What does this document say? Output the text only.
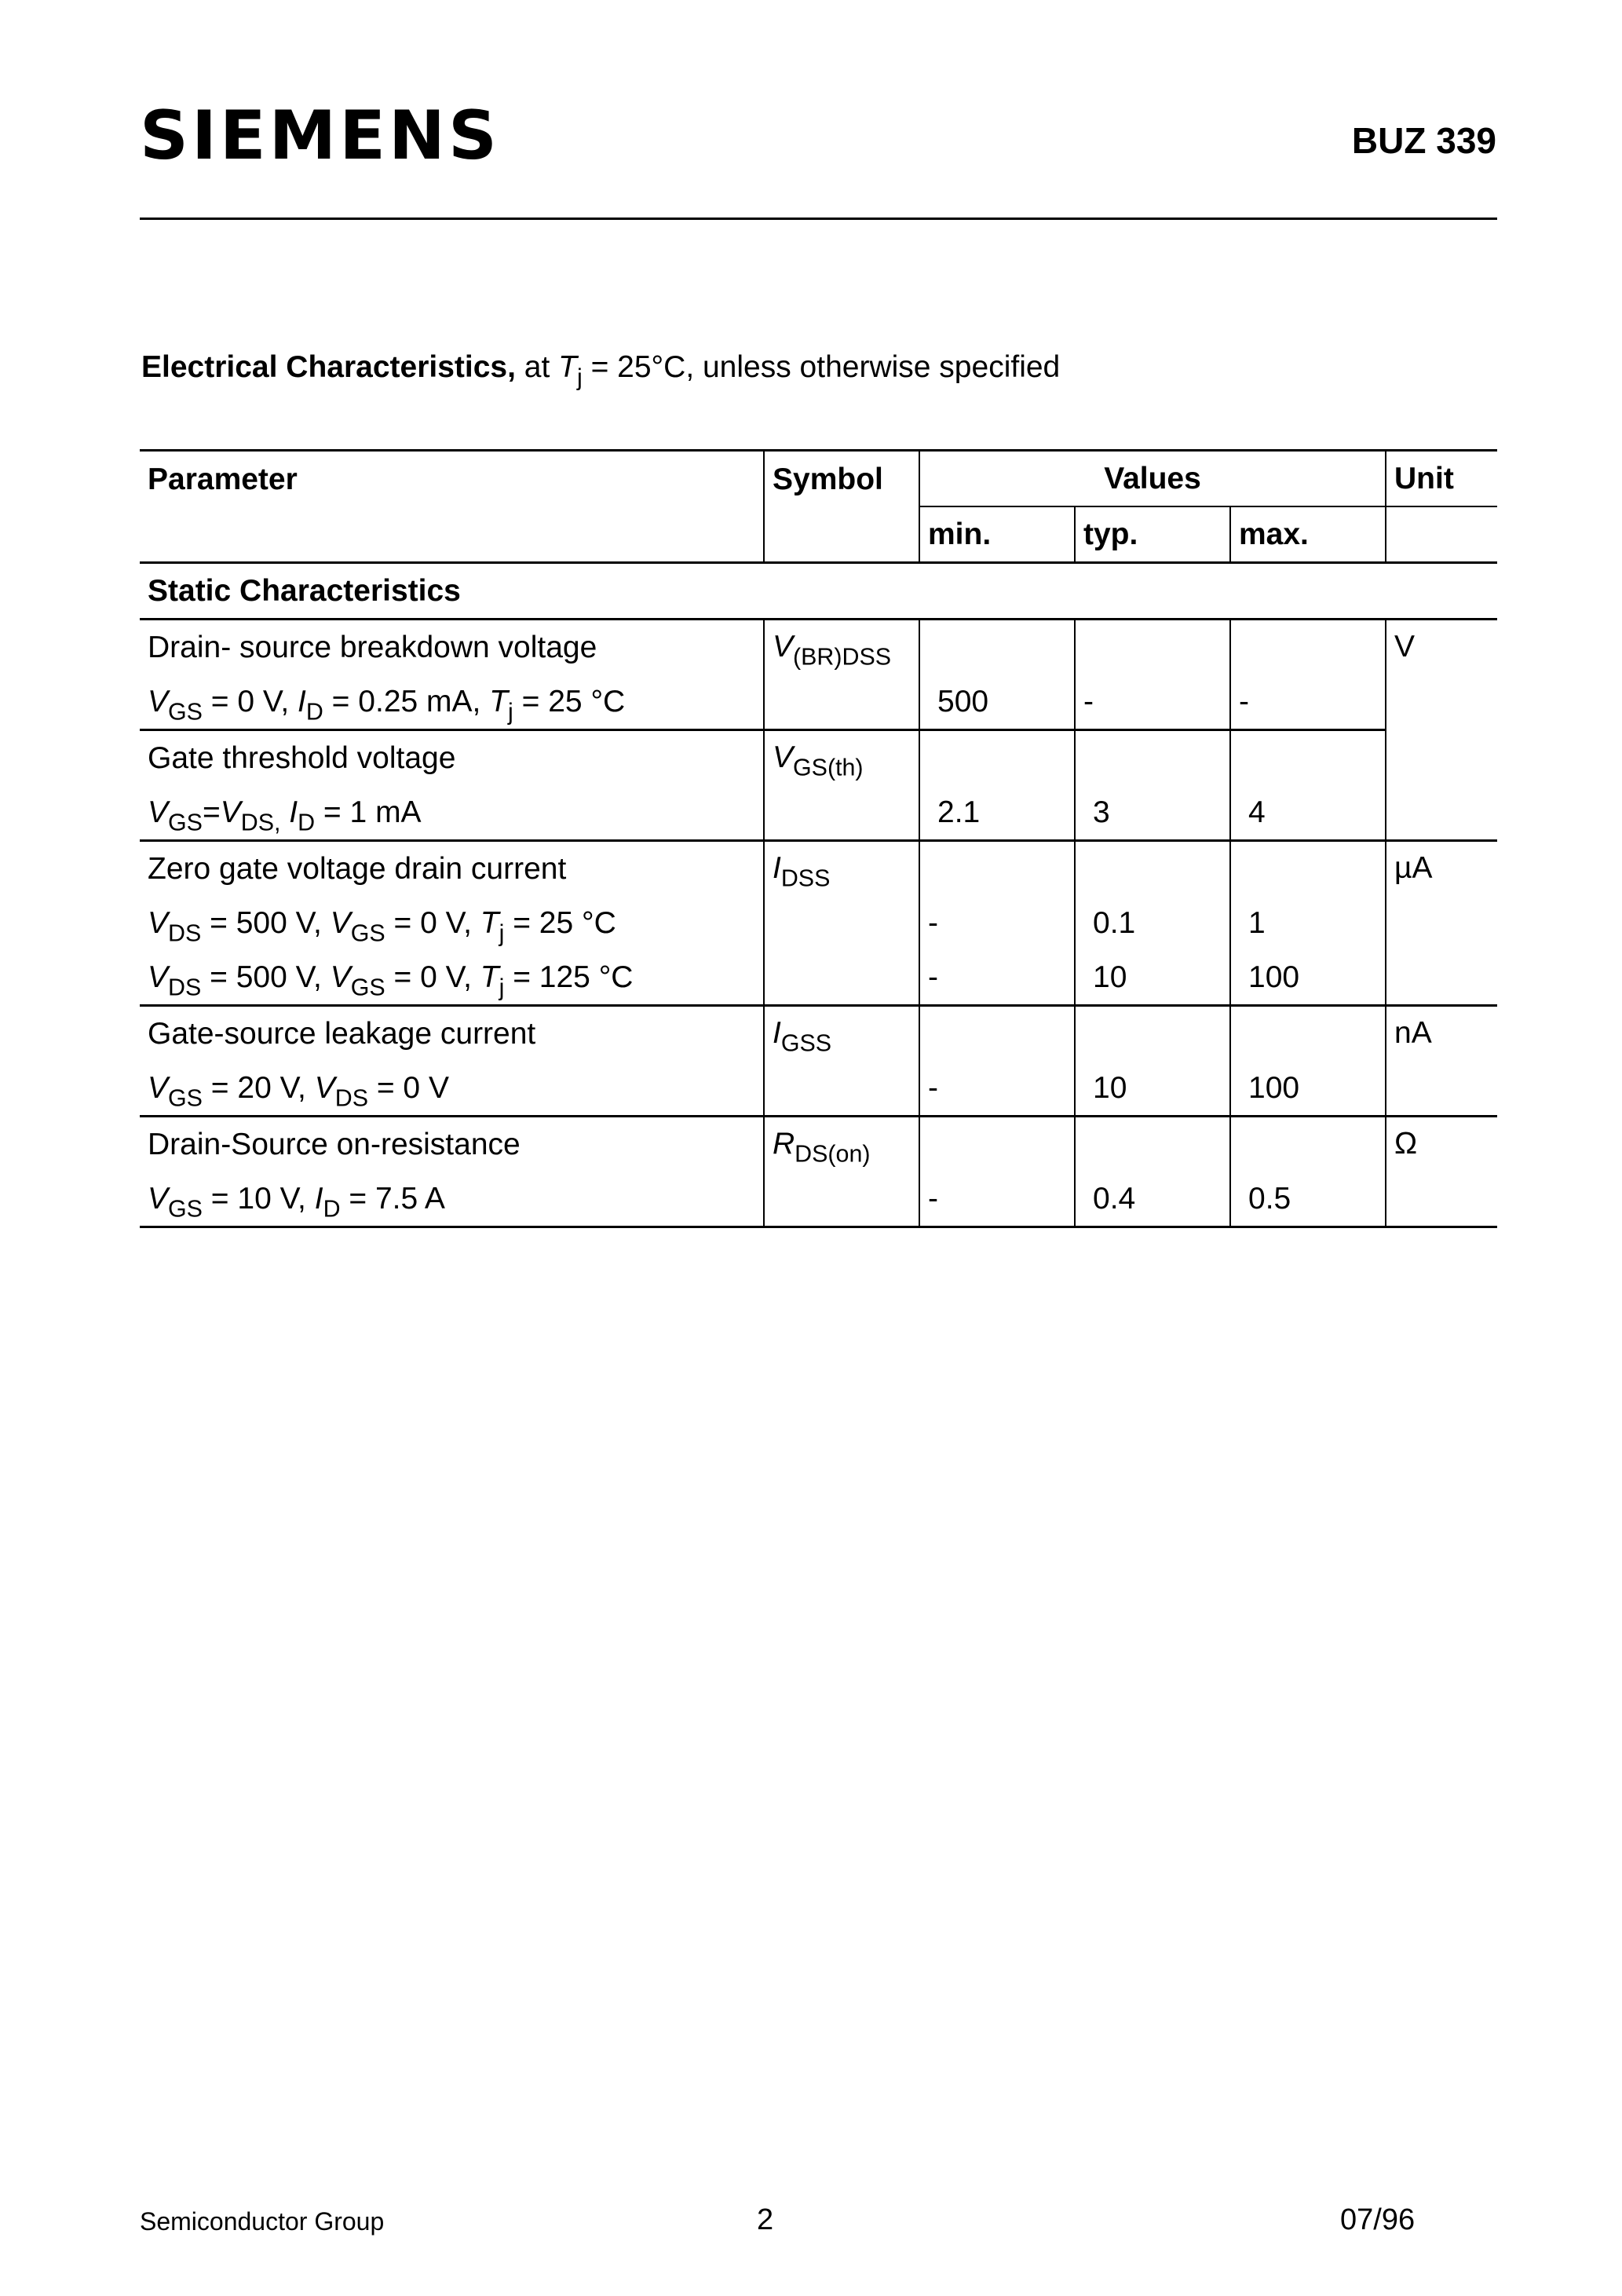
SIEMENS	BUZ 339
Electrical Characteristics, at $T_j = 25^\circ C$, unless otherwise specified
Parameter	Symbol	Values			Unit
		min.	typ.	max.	
Static Characteristics					
Drain- source breakdown voltage	$V_{(BR)DSS}$				V
$V_{GS} = 0$ V, $I_D = 0.25$ mA, $T_j = 25$ °C		500	-	-	
Gate threshold voltage	$V_{GS(th)}$			
$V_{GS}=V_{DS,}$ $I_D = 1$ mA		2.1	3	4	
Zero gate voltage drain current	$I_{DSS}$				µA
$V_{DS} = 500$ V, $V_{GS} = 0$ V, $T_j = 25$ °C		-	0.1	1	
$V_{DS} = 500$ V, $V_{GS} = 0$ V, $T_j = 125$ °C		-	10	100	
Gate-source leakage current	$I_{GSS}$				nA
$V_{GS} = 20$ V, $V_{DS} = 0$ V		-	10	100	
Drain-Source on-resistance	$R_{DS(on)}$				Ω
$V_{GS} = 10$ V, $I_D = 7.5$ A		-	0.4	0.5	
Semiconductor Group	2	07/96
